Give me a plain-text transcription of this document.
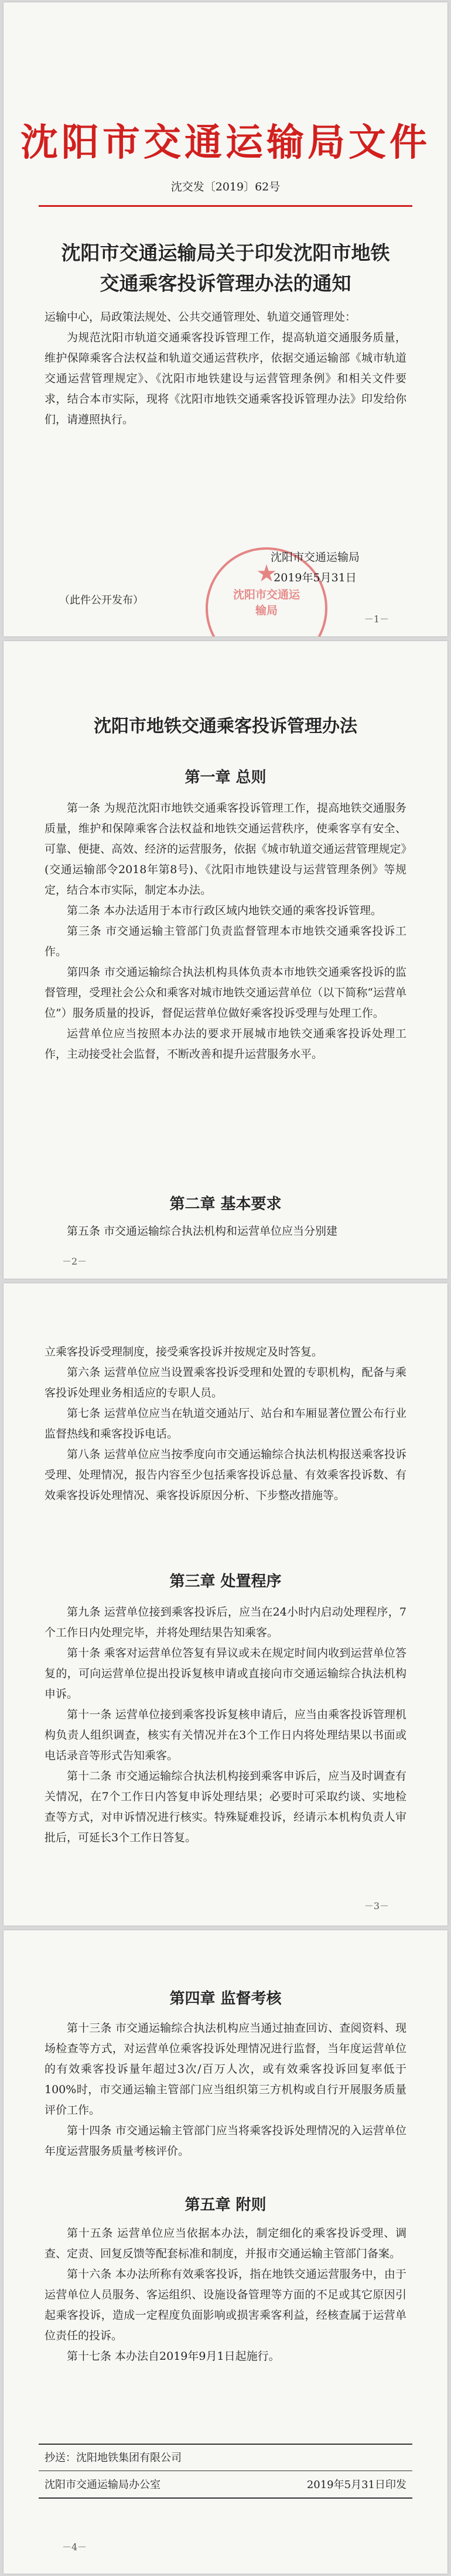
沈阳市交通运输局文件
沈交发〔2019〕62号
沈阳市交通运输局关于印发沈阳市地铁
交通乘客投诉管理办法的通知

运输中心，局政策法规处、公共交通管理处、轨道交通管理处：

为规范沈阳市轨道交通乘客投诉管理工作，提高轨道交通服务质量，维护保障乘客合法权益和轨道交通运营秩序，依据交通运输部《城市轨道交通运营管理规定》、《沈阳市地铁建设与运营管理条例》和相关文件要求，结合本市实际，现将《沈阳市地铁交通乘客投诉管理办法》印发给你们，请遵照执行。

★
沈阳市交通运输局
沈阳市交通运输局
2019年5月31日
（此件公开发布）
－1－
沈阳市地铁交通乘客投诉管理办法
第一章 总则

第一条 为规范沈阳市地铁交通乘客投诉管理工作，提高地铁交通服务质量，维护和保障乘客合法权益和地铁交通运营秩序，使乘客享有安全、可靠、便捷、高效、经济的运营服务，依据《城市轨道交通运营管理规定》(交通运输部令2018年第8号)、《沈阳市地铁建设与运营管理条例》等规定，结合本市实际，制定本办法。

第二条 本办法适用于本市行政区域内地铁交通的乘客投诉管理。

第三条 市交通运输主管部门负责监督管理本市地铁交通乘客投诉工作。

第四条 市交通运输综合执法机构具体负责本市地铁交通乘客投诉的监督管理，受理社会公众和乘客对城市地铁交通运营单位（以下简称“运营单位”）服务质量的投诉，督促运营单位做好乘客投诉受理与处理工作。

运营单位应当按照本办法的要求开展城市地铁交通乘客投诉处理工作，主动接受社会监督，不断改善和提升运营服务水平。

第二章 基本要求

第五条 市交通运输综合执法机构和运营单位应当分别建

－2－

立乘客投诉受理制度，接受乘客投诉并按规定及时答复。

第六条 运营单位应当设置乘客投诉受理和处置的专职机构，配备与乘客投诉处理业务相适应的专职人员。

第七条 运营单位应当在轨道交通站厅、站台和车厢显著位置公布行业监督热线和乘客投诉电话。

第八条 运营单位应当按季度向市交通运输综合执法机构报送乘客投诉受理、处理情况，报告内容至少包括乘客投诉总量、有效乘客投诉数、有效乘客投诉处理情况、乘客投诉原因分析、下步整改措施等。

第三章 处置程序

第九条 运营单位接到乘客投诉后，应当在24小时内启动处理程序，7个工作日内处理完毕，并将处理结果告知乘客。

第十条 乘客对运营单位答复有异议或未在规定时间内收到运营单位答复的，可向运营单位提出投诉复核申请或直接向市交通运输综合执法机构申诉。

第十一条 运营单位接到乘客投诉复核申请后，应当由乘客投诉管理机构负责人组织调查，核实有关情况并在3个工作日内将处理结果以书面或电话录音等形式告知乘客。

第十二条 市交通运输综合执法机构接到乘客申诉后，应当及时调查有关情况，在7个工作日内答复申诉处理结果；必要时可采取约谈、实地检查等方式，对申诉情况进行核实。特殊疑难投诉，经请示本机构负责人审批后，可延长3个工作日答复。

－3－
第四章 监督考核

第十三条 市交通运输综合执法机构应当通过抽查回访、查阅资料、现场检查等方式，对运营单位乘客投诉处理情况进行监督，当年度运营单位的有效乘客投诉量年超过3次/百万人次，或有效乘客投诉回复率低于100%时，市交通运输主管部门应当组织第三方机构或自行开展服务质量评价工作。

第十四条 市交通运输主管部门应当将乘客投诉处理情况的入运营单位年度运营服务质量考核评价。

第五章 附则

第十五条 运营单位应当依据本办法，制定细化的乘客投诉受理、调查、定责、回复反馈等配套标准和制度，并报市交通运输主管部门备案。

第十六条 本办法所称有效乘客投诉，指在地铁交通运营服务中，由于运营单位人员服务、客运组织、设施设备管理等方面的不足或其它原因引起乘客投诉，造成一定程度负面影响或损害乘客利益，经核查属于运营单位责任的投诉。

第十七条 本办法自2019年9月1日起施行。

抄送：沈阳地铁集团有限公司
沈阳市交通运输局办公室	2019年5月31日印发
－4－
